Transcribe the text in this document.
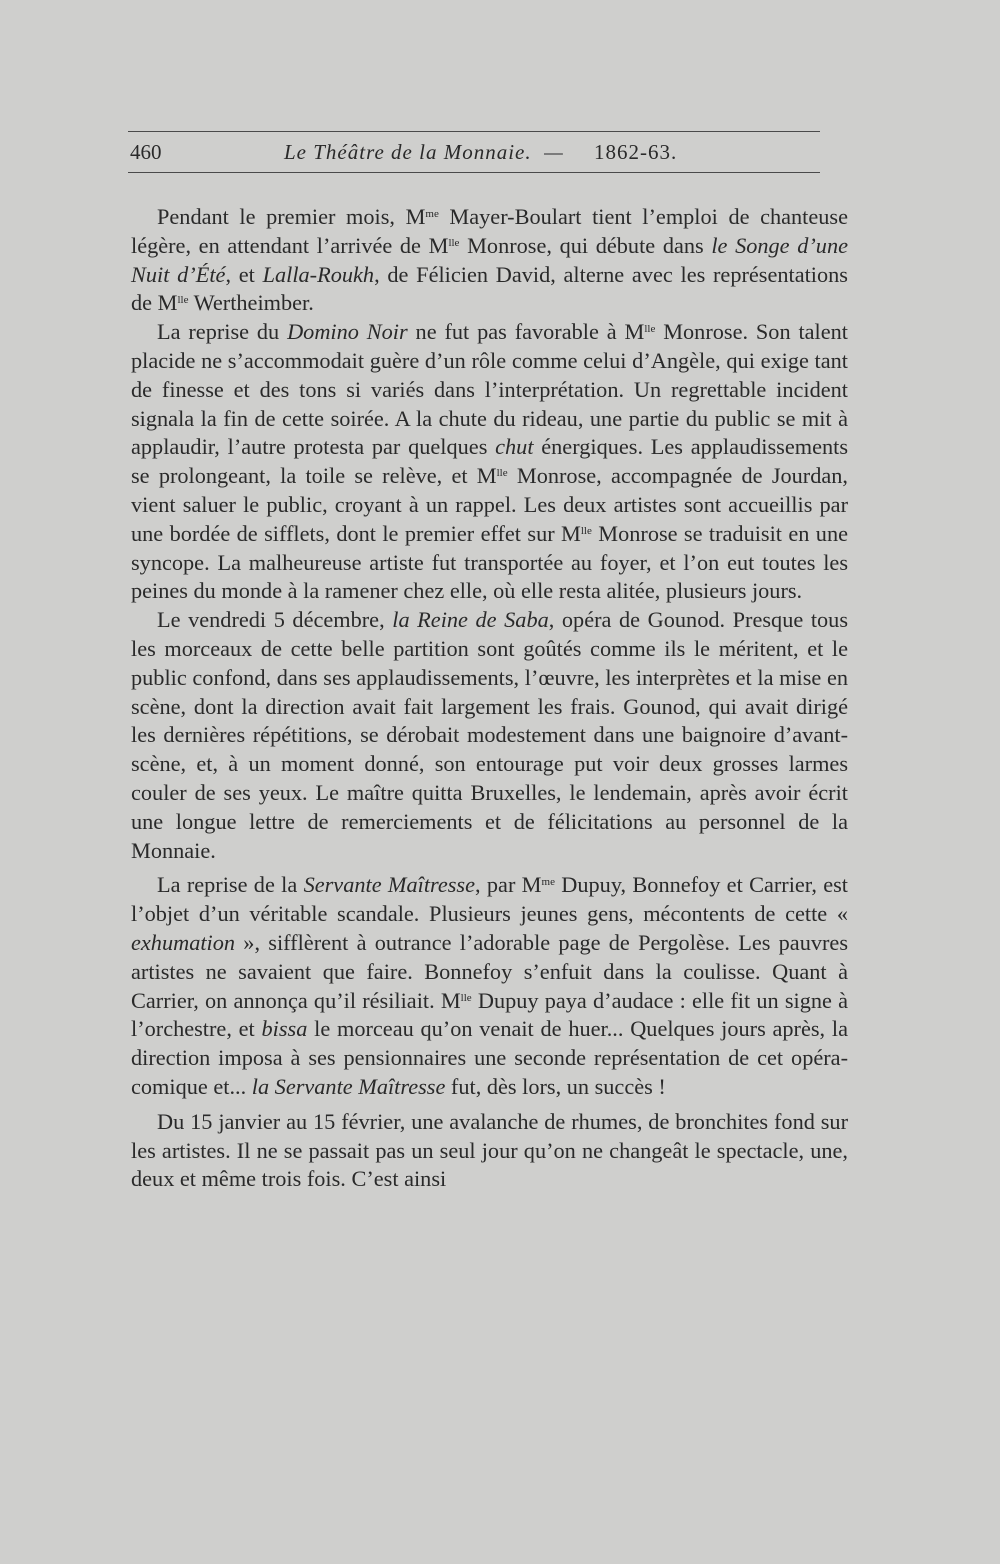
460	Le Théâtre de la Monnaie. — 1862-63.

Pendant le premier mois, $M^{me}$ Mayer-Boulart tient l’emploi de chanteuse légère, en attendant l’arrivée de $M^{lle}$ Monrose, qui débute dans le Songe d’une Nuit d’Été, et Lalla-Roukh, de Félicien David, alterne avec les représentations de $M^{lle}$ Wertheimber.

La reprise du Domino Noir ne fut pas favorable à $M^{lle}$ Monrose. Son talent placide ne s’accommodait guère d’un rôle comme celui d’Angèle, qui exige tant de finesse et des tons si variés dans l’interprétation. Un regrettable incident signala la fin de cette soirée. A la chute du rideau, une partie du public se mit à applaudir, l’autre protesta par quelques chut énergiques. Les applaudissements se prolongeant, la toile se relève, et $M^{lle}$ Monrose, accompagnée de Jourdan, vient saluer le public, croyant à un rappel. Les deux artistes sont accueillis par une bordée de sifflets, dont le premier effet sur $M^{lle}$ Monrose se traduisit en une syncope. La malheureuse artiste fut transportée au foyer, et l’on eut toutes les peines du monde à la ramener chez elle, où elle resta alitée, plusieurs jours.

Le vendredi 5 décembre, la Reine de Saba, opéra de Gounod. Presque tous les morceaux de cette belle partition sont goûtés comme ils le méritent, et le public confond, dans ses applaudissements, l’œuvre, les interprètes et la mise en scène, dont la direction avait fait largement les frais. Gounod, qui avait dirigé les dernières répétitions, se dérobait modestement dans une baignoire d’avant-scène, et, à un moment donné, son entourage put voir deux grosses larmes couler de ses yeux. Le maître quitta Bruxelles, le lendemain, après avoir écrit une longue lettre de remerciements et de félicitations au personnel de la Monnaie.

La reprise de la Servante Maîtresse, par $M^{me}$ Dupuy, Bonnefoy et Carrier, est l’objet d’un véritable scandale. Plusieurs jeunes gens, mécontents de cette « exhumation », sifflèrent à outrance l’adorable page de Pergolèse. Les pauvres artistes ne savaient que faire. Bonnefoy s’enfuit dans la coulisse. Quant à Carrier, on annonça qu’il résiliait. $M^{lle}$ Dupuy paya d’audace : elle fit un signe à l’orchestre, et bissa le morceau qu’on venait de huer... Quelques jours après, la direction imposa à ses pensionnaires une seconde représentation de cet opéra-comique et... la Servante Maîtresse fut, dès lors, un succès !

Du 15 janvier au 15 février, une avalanche de rhumes, de bronchites fond sur les artistes. Il ne se passait pas un seul jour qu’on ne changeât le spectacle, une, deux et même trois fois. C’est ainsi
